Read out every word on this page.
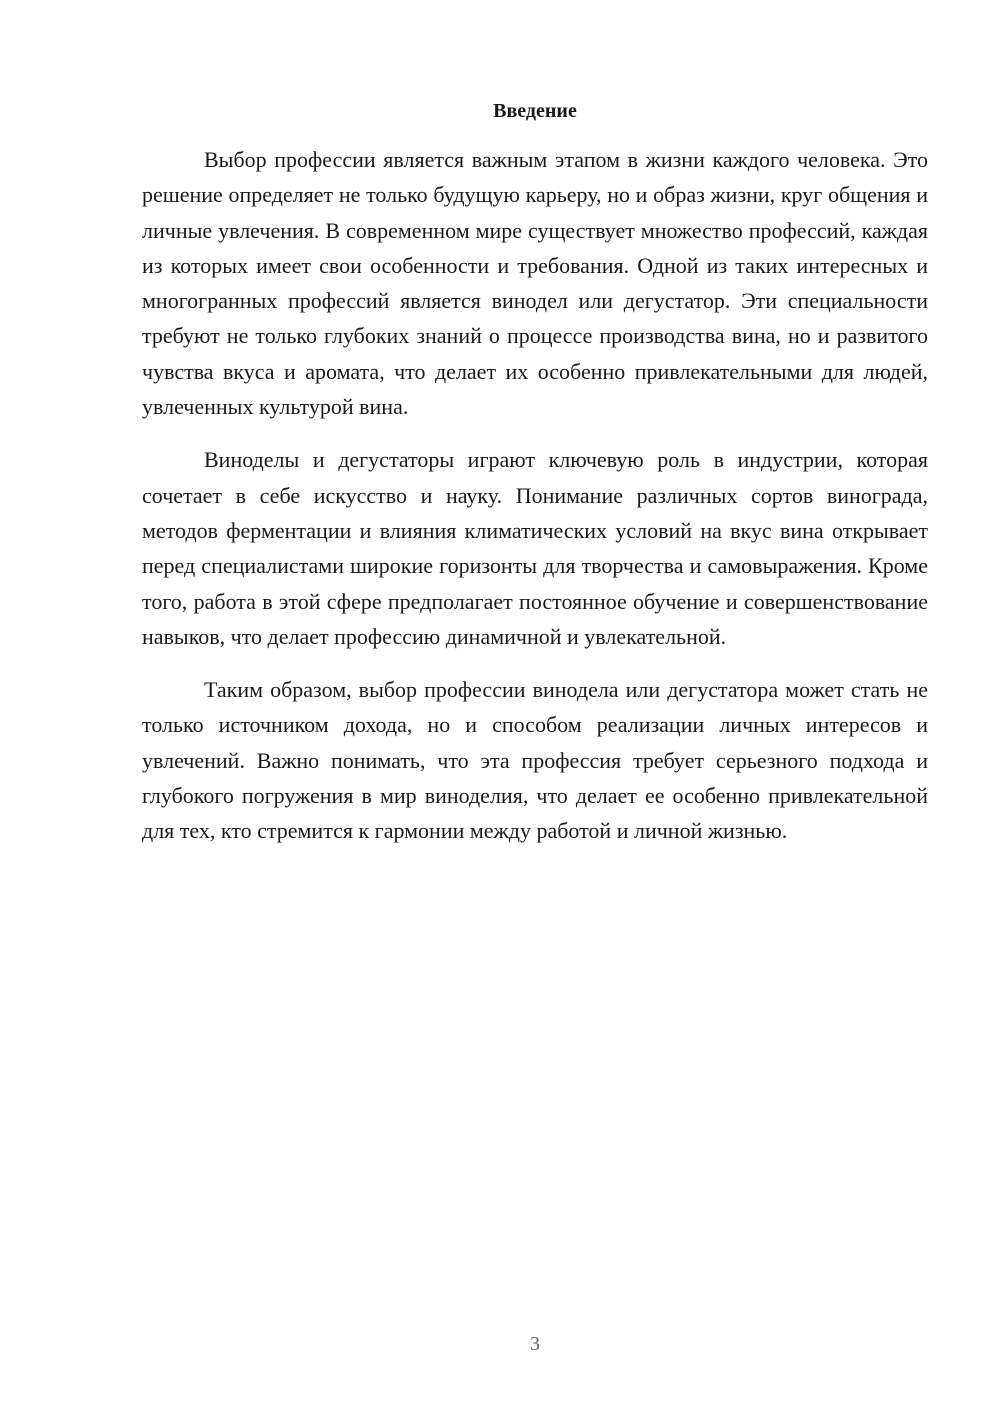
Введение

Выбор профессии является важным этапом в жизни каждого человека. Это решение определяет не только будущую карьеру, но и образ жизни, круг общения и личные увлечения. В современном мире существует множество профессий, каждая из которых имеет свои особенности и требования. Одной из таких интересных и многогранных профессий является винодел или дегустатор. Эти специальности требуют не только глубоких знаний о процессе производства вина, но и развитого чувства вкуса и аромата, что делает их особенно привлекательными для людей, увлеченных культурой вина.

Виноделы и дегустаторы играют ключевую роль в индустрии, которая сочетает в себе искусство и науку. Понимание различных сортов винограда, методов ферментации и влияния климатических условий на вкус вина открывает перед специалистами широкие горизонты для творчества и самовыражения. Кроме того, работа в этой сфере предполагает постоянное обучение и совершенствование навыков, что делает профессию динамичной и увлекательной.

Таким образом, выбор профессии винодела или дегустатора может стать не только источником дохода, но и способом реализации личных интересов и увлечений. Важно понимать, что эта профессия требует серьезного подхода и глубокого погружения в мир виноделия, что делает ее особенно привлекательной для тех, кто стремится к гармонии между работой и личной жизнью.

3
